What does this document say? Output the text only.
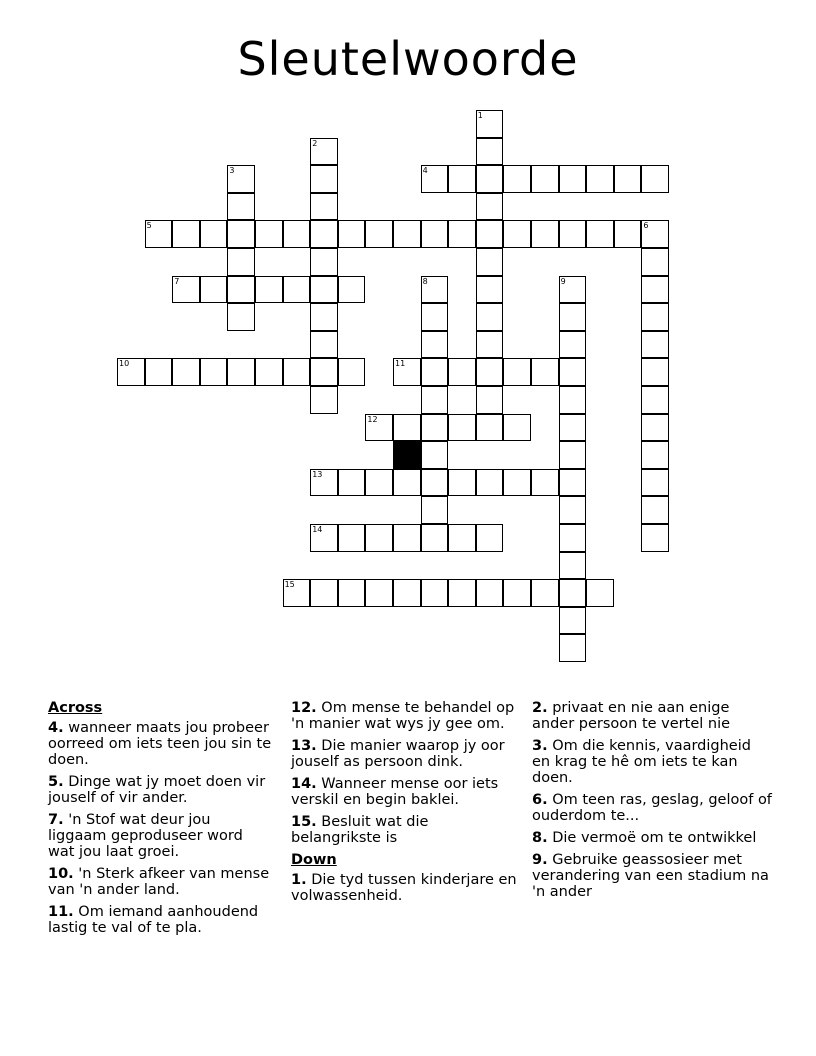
Sleutelwoorde
4
5	6
7
10	11
12
13
14
15
1
2
3
8	9
Across
4. wanneer maats jou probeer oorreed om iets teen jou sin te doen.
5. Dinge wat jy moet doen vir jouself of vir ander.
7. 'n Stof wat deur jou liggaam geproduseer word wat jou laat groei.
10. 'n Sterk afkeer van mense van 'n ander land.
11. Om iemand aanhoudend lastig te val of te pla.
12. Om mense te behandel op 'n manier wat wys jy gee om.
13. Die manier waarop jy oor jouself as persoon dink.
14. Wanneer mense oor iets verskil en begin baklei.
15. Besluit wat die belangrikste is
Down
1. Die tyd tussen kinderjare en volwassenheid.
2. privaat en nie aan enige ander persoon te vertel nie
3. Om die kennis, vaardigheid en krag te hê om iets te kan doen.
6. Om teen ras, geslag, geloof of ouderdom te...
8. Die vermoë om te ontwikkel
9. Gebruike geassosieer met verandering van een stadium na 'n ander
